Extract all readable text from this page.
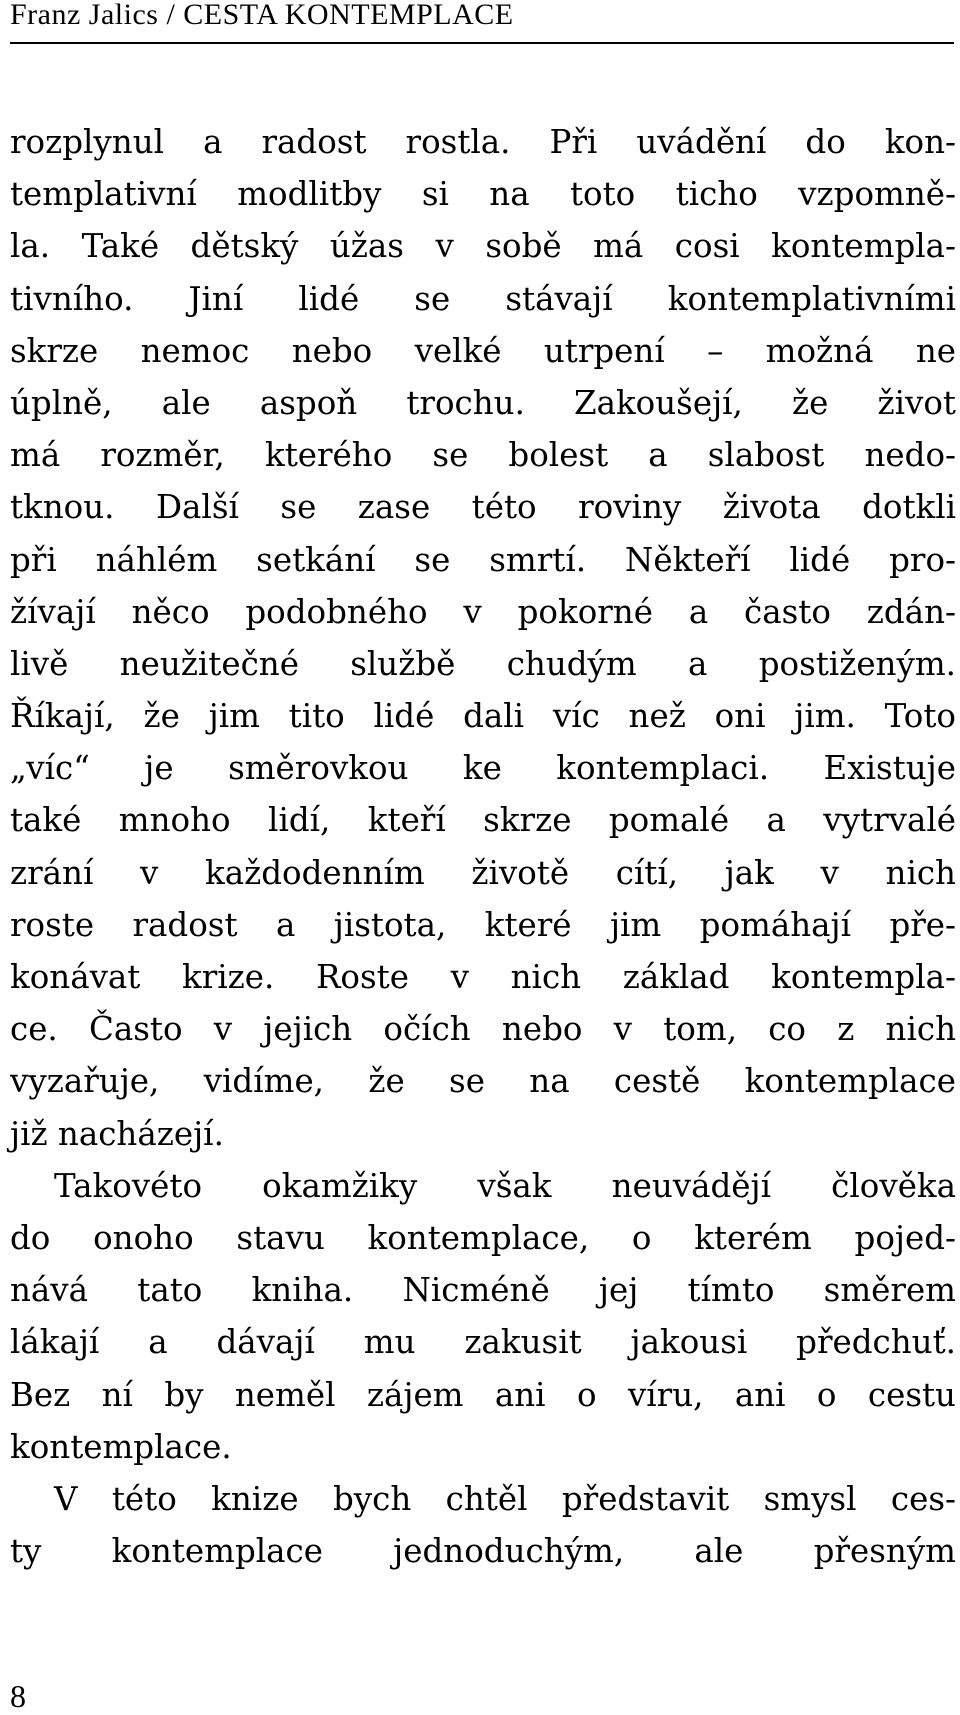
Franz Jalics / CESTA KONTEMPLACE
rozplynul a radost rostla. Při uvádění do kon-
templativní modlitby si na toto ticho vzpomně-
la. Také dětský úžas v sobě má cosi kontempla-
tivního. Jiní lidé se stávají kontemplativními
skrze nemoc nebo velké utrpení – možná ne
úplně, ale aspoň trochu. Zakoušejí, že život
má rozměr, kterého se bolest a slabost nedo-
tknou. Další se zase této roviny života dotkli
při náhlém setkání se smrtí. Někteří lidé pro-
žívají něco podobného v pokorné a často zdán-
livě neužitečné službě chudým a postiženým.
Říkají, že jim tito lidé dali víc než oni jim. Toto
„víc“ je směrovkou ke kontemplaci. Existuje
také mnoho lidí, kteří skrze pomalé a vytrvalé
zrání v každodenním životě cítí, jak v nich
roste radost a jistota, které jim pomáhají pře-
konávat krize. Roste v nich základ kontempla-
ce. Často v jejich očích nebo v tom, co z nich
vyzařuje, vidíme, že se na cestě kontemplace
již nacházejí.
Takovéto okamžiky však neuvádějí člověka
do onoho stavu kontemplace, o kterém pojed-
nává tato kniha. Nicméně jej tímto směrem
lákají a dávají mu zakusit jakousi předchuť.
Bez ní by neměl zájem ani o víru, ani o cestu
kontemplace.
V této knize bych chtěl představit smysl ces-
ty kontemplace jednoduchým, ale přesným
8
